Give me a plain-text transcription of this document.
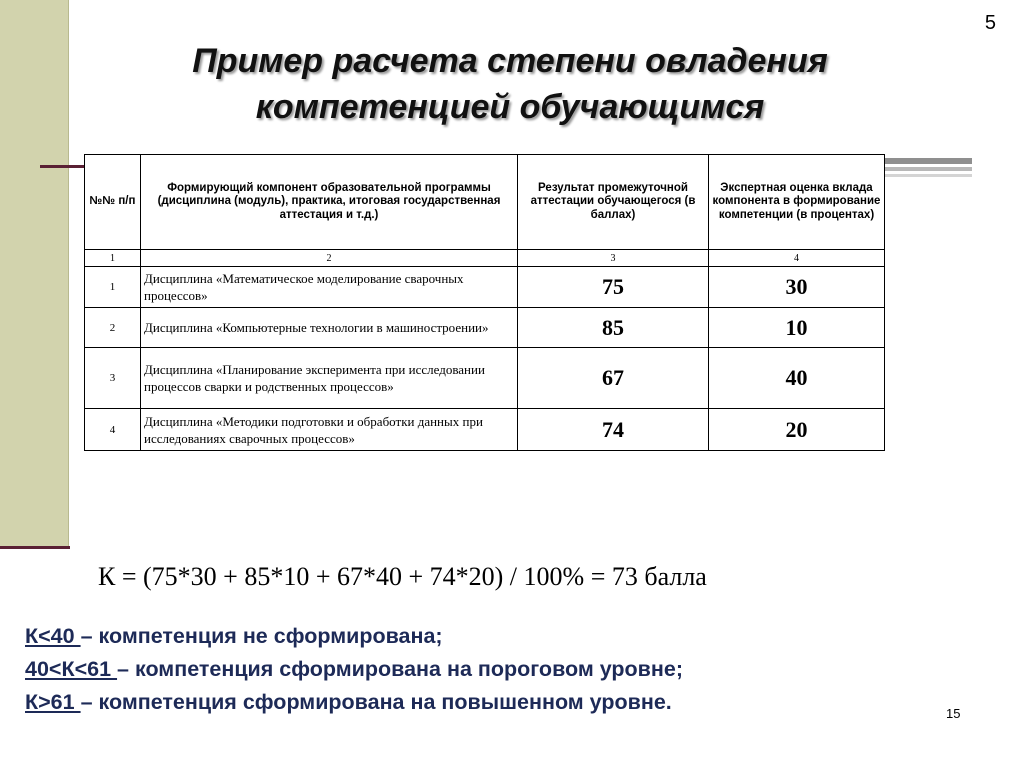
5
Пример расчета степени овладения
компетенцией обучающимся
№№ п/п	Формирующий компонент образовательной программы (дисциплина (модуль), практика, итоговая государственная аттестация и т.д.)	Результат промежуточной аттестации обучающегося (в баллах)	Экспертная оценка вклада компонента в формирование компетенции (в процентах)
1	2	3	4
1	Дисциплина «Математическое моделирование сварочных процессов»	75	30
2	Дисциплина «Компьютерные технологии в машиностроении»	85	10
3	Дисциплина «Планирование эксперимента при исследовании процессов сварки и родственных процессов»	67	40
4	Дисциплина «Методики подготовки и обработки данных при исследованиях сварочных процессов»	74	20
К = (75*30 + 85*10 + 67*40 + 74*20) / 100% = 73 балла
К<40 – компетенция не сформирована;
40<К<61 – компетенция сформирована на пороговом уровне;
К>61 – компетенция сформирована на повышенном уровне.	15
